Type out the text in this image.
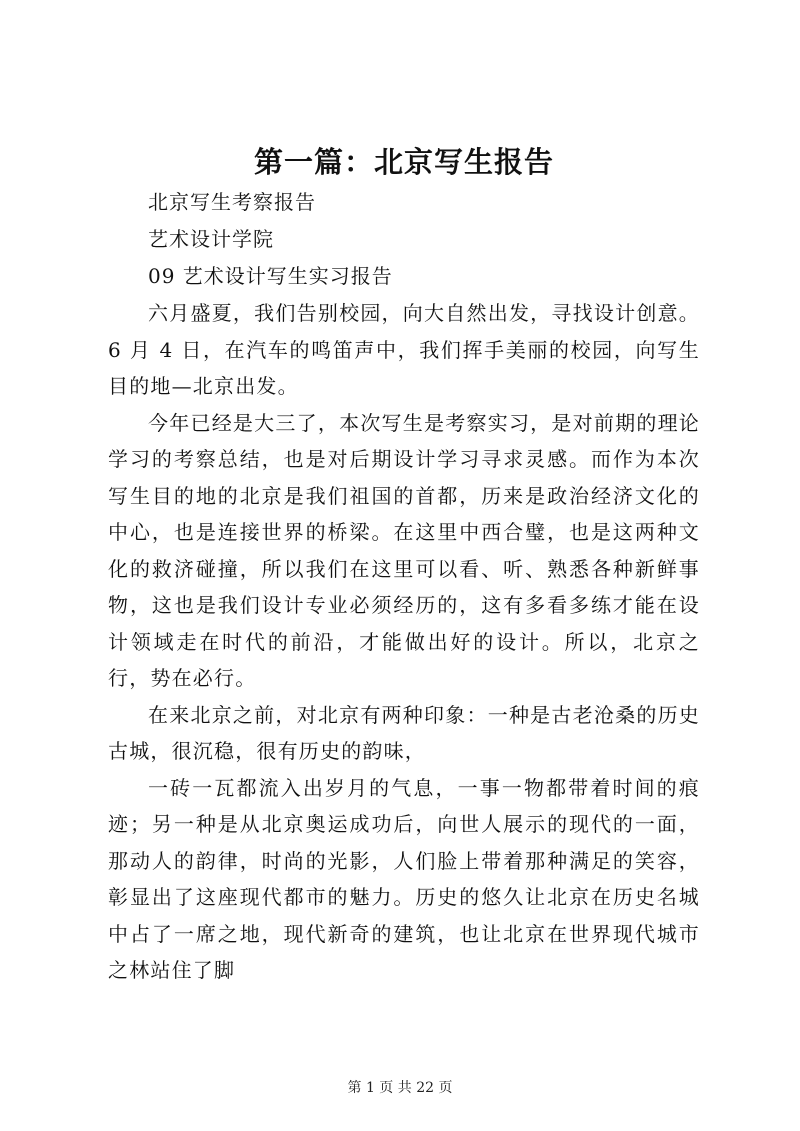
第一篇：北京写生报告

北京写生考察报告

艺术设计学院

09 艺术设计写生实习报告

六月盛夏，我们告别校园，向大自然出发，寻找设计创意。6 月 4 日，在汽车的鸣笛声中，我们挥手美丽的校园，向写生目的地—北京出发。

今年已经是大三了，本次写生是考察实习，是对前期的理论学习的考察总结，也是对后期设计学习寻求灵感。而作为本次写生目的地的北京是我们祖国的首都，历来是政治经济文化的中心，也是连接世界的桥梁。在这里中西合璧，也是这两种文化的救济碰撞，所以我们在这里可以看、听、熟悉各种新鲜事物，这也是我们设计专业必须经历的，这有多看多练才能在设计领域走在时代的前沿，才能做出好的设计。所以，北京之行，势在必行。

在来北京之前，对北京有两种印象：一种是古老沧桑的历史古城，很沉稳，很有历史的韵味，

一砖一瓦都流入出岁月的气息，一事一物都带着时间的痕迹；另一种是从北京奥运成功后，向世人展示的现代的一面，那动人的韵律，时尚的光影，人们脸上带着那种满足的笑容，彰显出了这座现代都市的魅力。历史的悠久让北京在历史名城中占了一席之地，现代新奇的建筑，也让北京在世界现代城市之林站住了脚

第 1 页 共 22 页
